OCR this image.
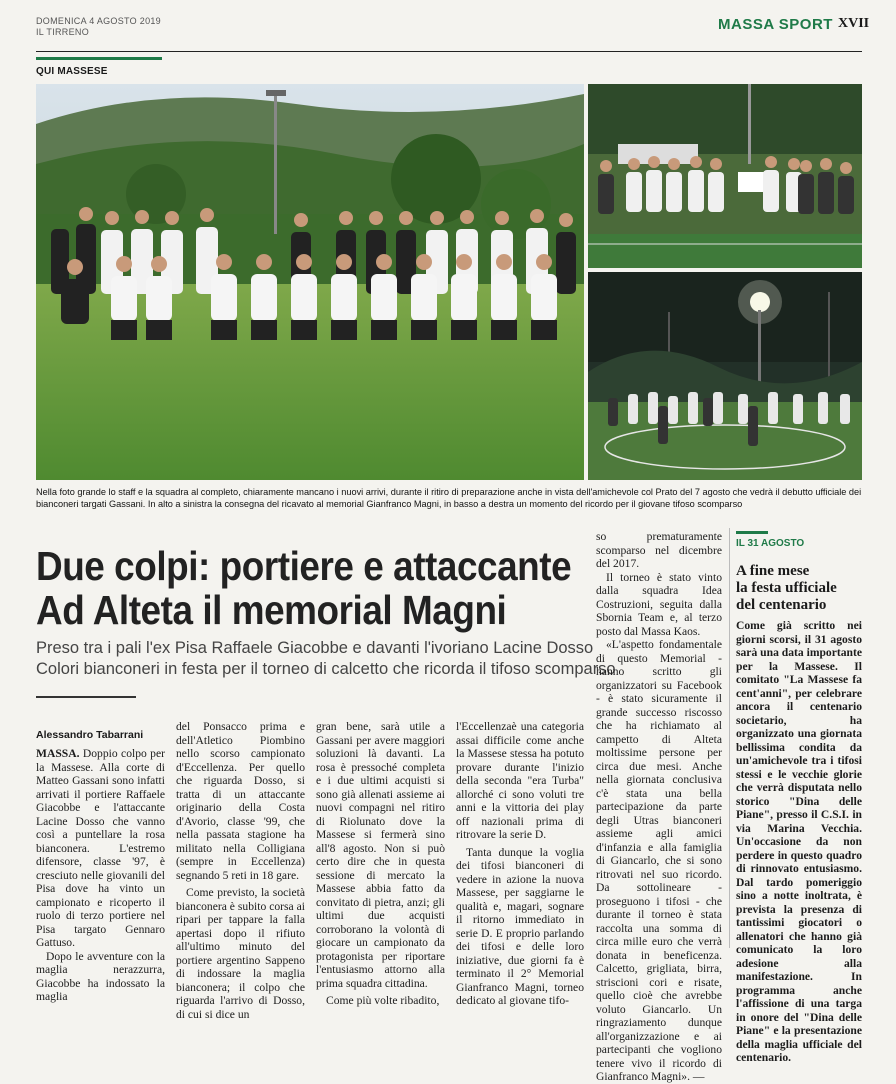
DOMENICA 4 AGOSTO 2019
IL TIRRENO	MASSA SPORT XVII
QUI MASSESE
Nella foto grande lo staff e la squadra al completo, chiaramente mancano i nuovi arrivi, durante il ritiro di preparazione anche in vista dell'amichevole col Prato del 7 agosto che vedrà il debutto ufficiale dei bianconeri targati Gassani. In alto a sinistra la consegna del ricavato al memorial Gianfranco Magni, in basso a destra un momento del ricordo per il giovane tifoso scomparso
Due colpi: portiere e attaccante
Ad Alteta il memorial Magni
Preso tra i pali l'ex Pisa Raffaele Giacobbe e davanti l'ivoriano Lacine Dosso
Colori bianconeri in festa per il torneo di calcetto che ricorda il tifoso scomparso
Alessandro Tabarrani

MASSA. Doppio colpo per la Massese. Alla corte di Matteo Gassani sono infatti arrivati il portiere Raffaele Giacobbe e l'attaccante Lacine Dosso che vanno così a puntellare la rosa bianconera. L'estremo difensore, classe '97, è cresciuto nelle giovanili del Pisa dove ha vinto un campionato e ricoperto il ruolo di terzo portiere nel Pisa targato Gennaro Gattuso.

Dopo le avventure con la maglia nerazzurra, Giacobbe ha indossato la maglia

del Ponsacco prima e dell'Atletico Piombino nello scorso campionato d'Eccellenza. Per quello che riguarda Dosso, si tratta di un attaccante originario della Costa d'Avorio, classe '99, che nella passata stagione ha militato nella Colligiana (sempre in Eccellenza) segnando 5 reti in 18 gare.

Come previsto, la società bianconera è subito corsa ai ripari per tappare la falla apertasi dopo il rifiuto all'ultimo minuto del portiere argentino Sappeno di indossare la maglia bianconera; il colpo che riguarda l'arrivo di Dosso, di cui si dice un

gran bene, sarà utile a Gassani per avere maggiori soluzioni là davanti. La rosa è pressoché completa e i due ultimi acquisti si sono già allenati assieme ai nuovi compagni nel ritiro di Riolunato dove la Massese si fermerà sino all'8 agosto. Non si può certo dire che in questa sessione di mercato la Massese abbia fatto da convitato di pietra, anzi; gli ultimi due acquisti corroborano la volontà di giocare un campionato da protagonista per riportare l'entusiasmo attorno alla prima squadra cittadina.

Come più volte ribadito,

l'Eccellenzaè una categoria assai difficile come anche la Massese stessa ha potuto provare durante l'inizio della seconda "era Turba" allorché ci sono voluti tre anni e la vittoria dei play off nazionali prima di ritrovare la serie D.

Tanta dunque la voglia dei tifosi bianconeri di vedere in azione la nuova Massese, per saggiarne le qualità e, magari, sognare il ritorno immediato in serie D. E proprio parlando dei tifosi e delle loro iniziative, due giorni fa è terminato il 2° Memorial Gianfranco Magni, torneo dedicato al giovane tifo-

so prematuramente scomparso nel dicembre del 2017.

Il torneo è stato vinto dalla squadra Idea Costruzioni, seguita dalla Sbornia Team e, al terzo posto dal Massa Kaos.

«L'aspetto fondamentale di questo Memorial - hanno scritto gli organizzatori su Facebook - è stato sicuramente il grande successo riscosso che ha richiamato al campetto di Alteta moltissime persone per circa due mesi. Anche nella giornata conclusiva c'è stata una bella partecipazione da parte degli Utras bianconeri assieme agli amici d'infanzia e alla famiglia di Giancarlo, che si sono ritrovati nel suo ricordo. Da sottolineare - proseguono i tifosi - che durante il torneo è stata raccolta una somma di circa mille euro che verrà donata in beneficenza. Calcetto, grigliata, birra, striscioni cori e risate, quello cioè che avrebbe voluto Giancarlo. Un ringraziamento dunque all'organizzazione e ai partecipanti che vogliono tenere vivo il ricordo di Gianfranco Magni». —

IL 31 AGOSTO
A fine mese
la festa ufficiale
del centenario
Come già scritto nei giorni scorsi, il 31 agosto sarà una data importante per la Massese. Il comitato "La Massese fa cent'anni", per celebrare ancora il centenario societario, ha organizzato una giornata bellissima condita da un'amichevole tra i tifosi stessi e le vecchie glorie che verrà disputata nello storico "Dina delle Piane", presso il C.S.I. in via Marina Vecchia. Un'occasione da non perdere in questo quadro di rinnovato entusiasmo. Dal tardo pomeriggio sino a notte inoltrata, è prevista la presenza di tantissimi giocatori o allenatori che hanno già comunicato la loro adesione alla manifestazione. In programma anche l'affissione di una targa in onore del "Dina delle Piane" e la presentazione della maglia ufficiale del centenario.
